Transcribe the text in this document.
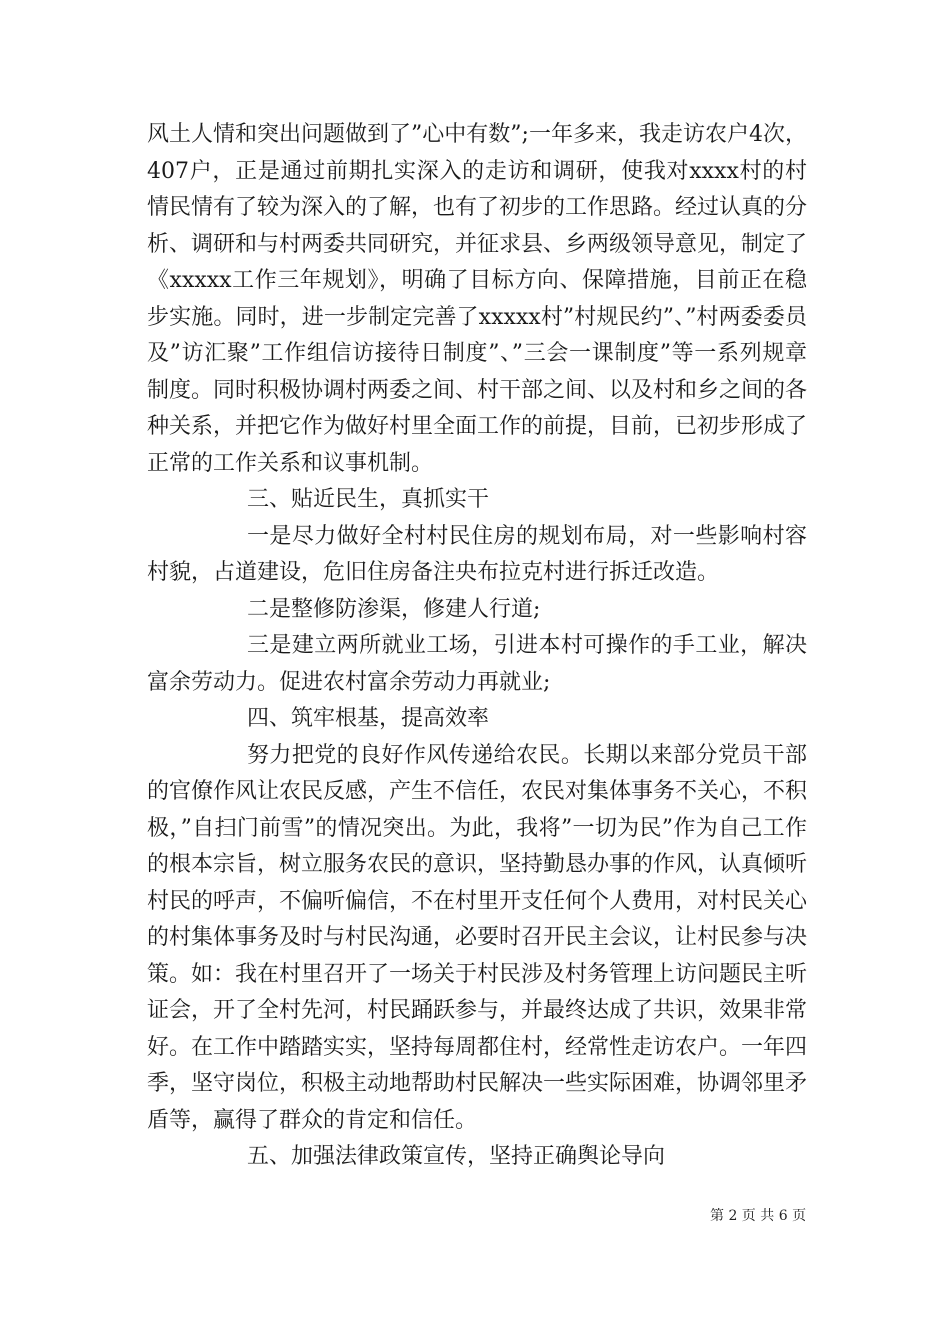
风土人情和突出问题做到了”心中有数”;一年多来，我走访农户4次，407户，正是通过前期扎实深入的走访和调研，使我对xxxx村的村情民情有了较为深入的了解，也有了初步的工作思路。经过认真的分析、调研和与村两委共同研究，并征求县、乡两级领导意见，制定了《xxxxx工作三年规划》，明确了目标方向、保障措施，目前正在稳步实施。同时，进一步制定完善了xxxxx村”村规民约”、”村两委委员及”访汇聚”工作组信访接待日制度”、”三会一课制度”等一系列规章制度。同时积极协调村两委之间、村干部之间、以及村和乡之间的各种关系，并把它作为做好村里全面工作的前提，目前，已初步形成了正常的工作关系和议事机制。

三、贴近民生，真抓实干

一是尽力做好全村村民住房的规划布局，对一些影响村容村貌，占道建设，危旧住房备注央布拉克村进行拆迁改造。

二是整修防渗渠，修建人行道;

三是建立两所就业工场，引进本村可操作的手工业，解决富余劳动力。促进农村富余劳动力再就业;

四、筑牢根基，提高效率

努力把党的良好作风传递给农民。长期以来部分党员干部的官僚作风让农民反感，产生不信任，农民对集体事务不关心，不积极，”自扫门前雪”的情况突出。为此，我将”一切为民”作为自己工作的根本宗旨，树立服务农民的意识，坚持勤恳办事的作风，认真倾听村民的呼声，不偏听偏信，不在村里开支任何个人费用，对村民关心的村集体事务及时与村民沟通，必要时召开民主会议，让村民参与决策。如：我在村里召开了一场关于村民涉及村务管理上访问题民主听证会，开了全村先河，村民踊跃参与，并最终达成了共识，效果非常好。在工作中踏踏实实，坚持每周都住村，经常性走访农户。一年四季，坚守岗位，积极主动地帮助村民解决一些实际困难，协调邻里矛盾等，赢得了群众的肯定和信任。

五、加强法律政策宣传，坚持正确舆论导向

第 2 页 共 6 页
